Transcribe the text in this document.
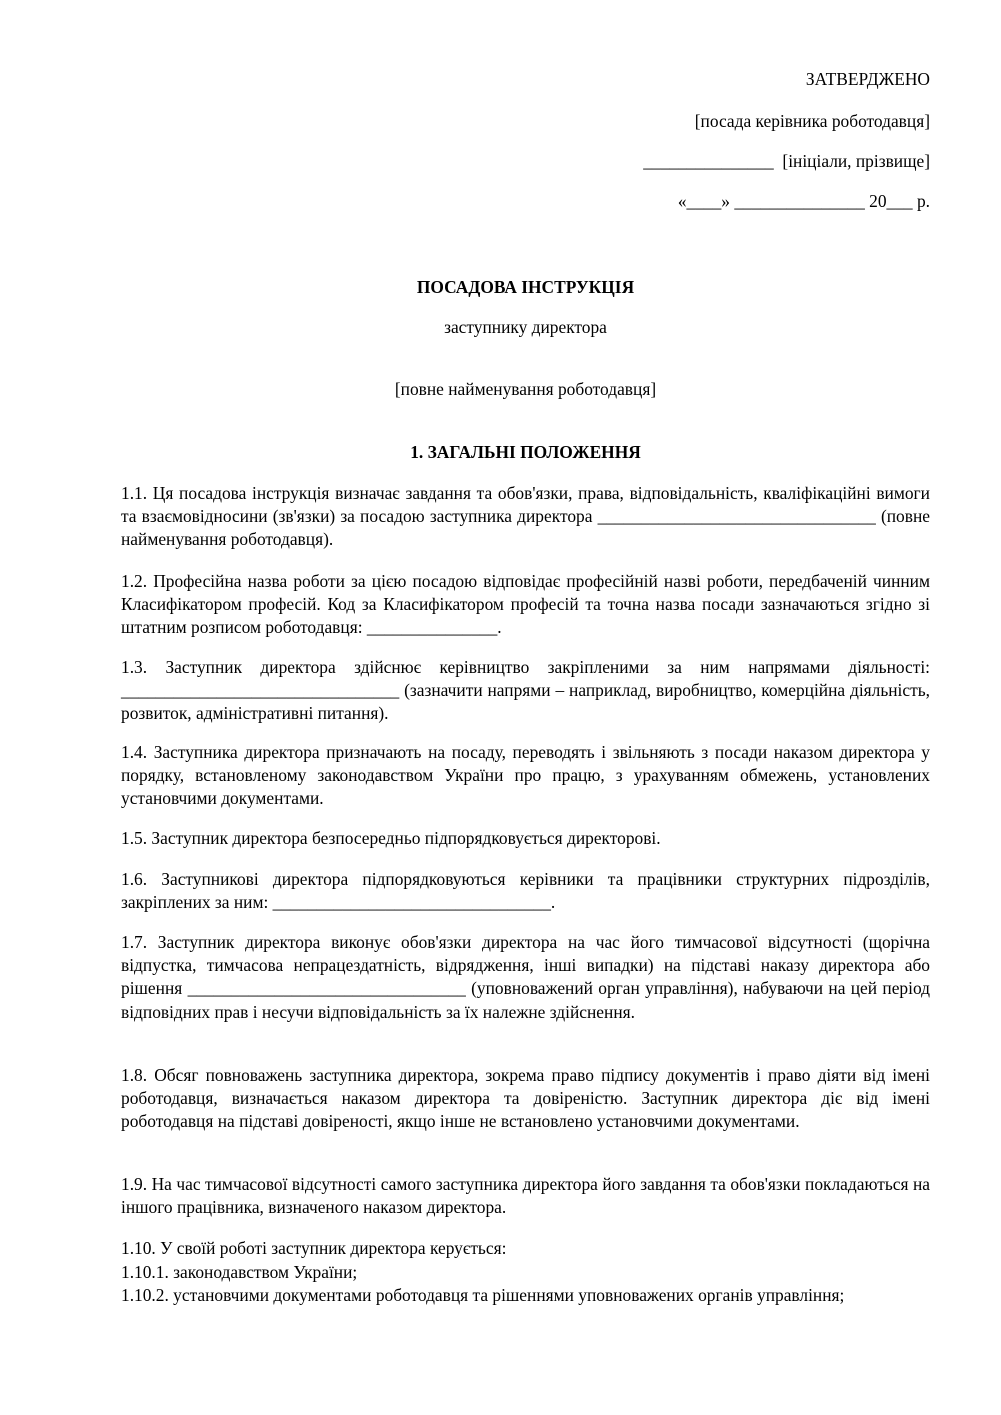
ЗАТВЕРДЖЕНО
[посада керівника роботодавця]
_______________  [ініціали, прізвище]
«____» _______________ 20___ р.
ПОСАДОВА ІНСТРУКЦІЯ
заступнику директора
[повне найменування роботодавця]
1. ЗАГАЛЬНІ ПОЛОЖЕННЯ
1.1. Ця посадова інструкція визначає завдання та обов'язки, права, відповідальність, кваліфікаційні вимоги та взаємовідносини (зв'язки) за посадою заступника директора ________________________________ (повне найменування роботодавця).
1.2. Професійна назва роботи за цією посадою відповідає професійній назві роботи, передбаченій чинним Класифікатором професій. Код за Класифікатором професій та точна назва посади зазначаються згідно зі штатним розписом роботодавця: _______________.
1.3. Заступник директора здійснює керівництво закріпленими за ним напрямами діяльності: ________________________________ (зазначити напрями – наприклад, виробництво, комерційна діяльність, розвиток, адміністративні питання).
1.4. Заступника директора призначають на посаду, переводять і звільняють з посади наказом директора у порядку, встановленому законодавством України про працю, з урахуванням обмежень, установлених установчими документами.
1.5. Заступник директора безпосередньо підпорядковується директорові.
1.6. Заступникові директора підпорядковуються керівники та працівники структурних підрозділів, закріплених за ним: ________________________________.
1.7. Заступник директора виконує обов'язки директора на час його тимчасової відсутності (щорічна відпустка, тимчасова непрацездатність, відрядження, інші випадки) на підставі наказу директора або рішення ________________________________ (уповноважений орган управління), набуваючи на цей період відповідних прав і несучи відповідальність за їх належне здійснення.
1.8. Обсяг повноважень заступника директора, зокрема право підпису документів і право діяти від імені роботодавця, визначається наказом директора та довіреністю. Заступник директора діє від імені роботодавця на підставі довіреності, якщо інше не встановлено установчими документами.
1.9. На час тимчасової відсутності самого заступника директора його завдання та обов'язки покладаються на іншого працівника, визначеного наказом директора.
1.10. У своїй роботі заступник директора керується:
1.10.1. законодавством України;
1.10.2. установчими документами роботодавця та рішеннями уповноважених органів управління;
